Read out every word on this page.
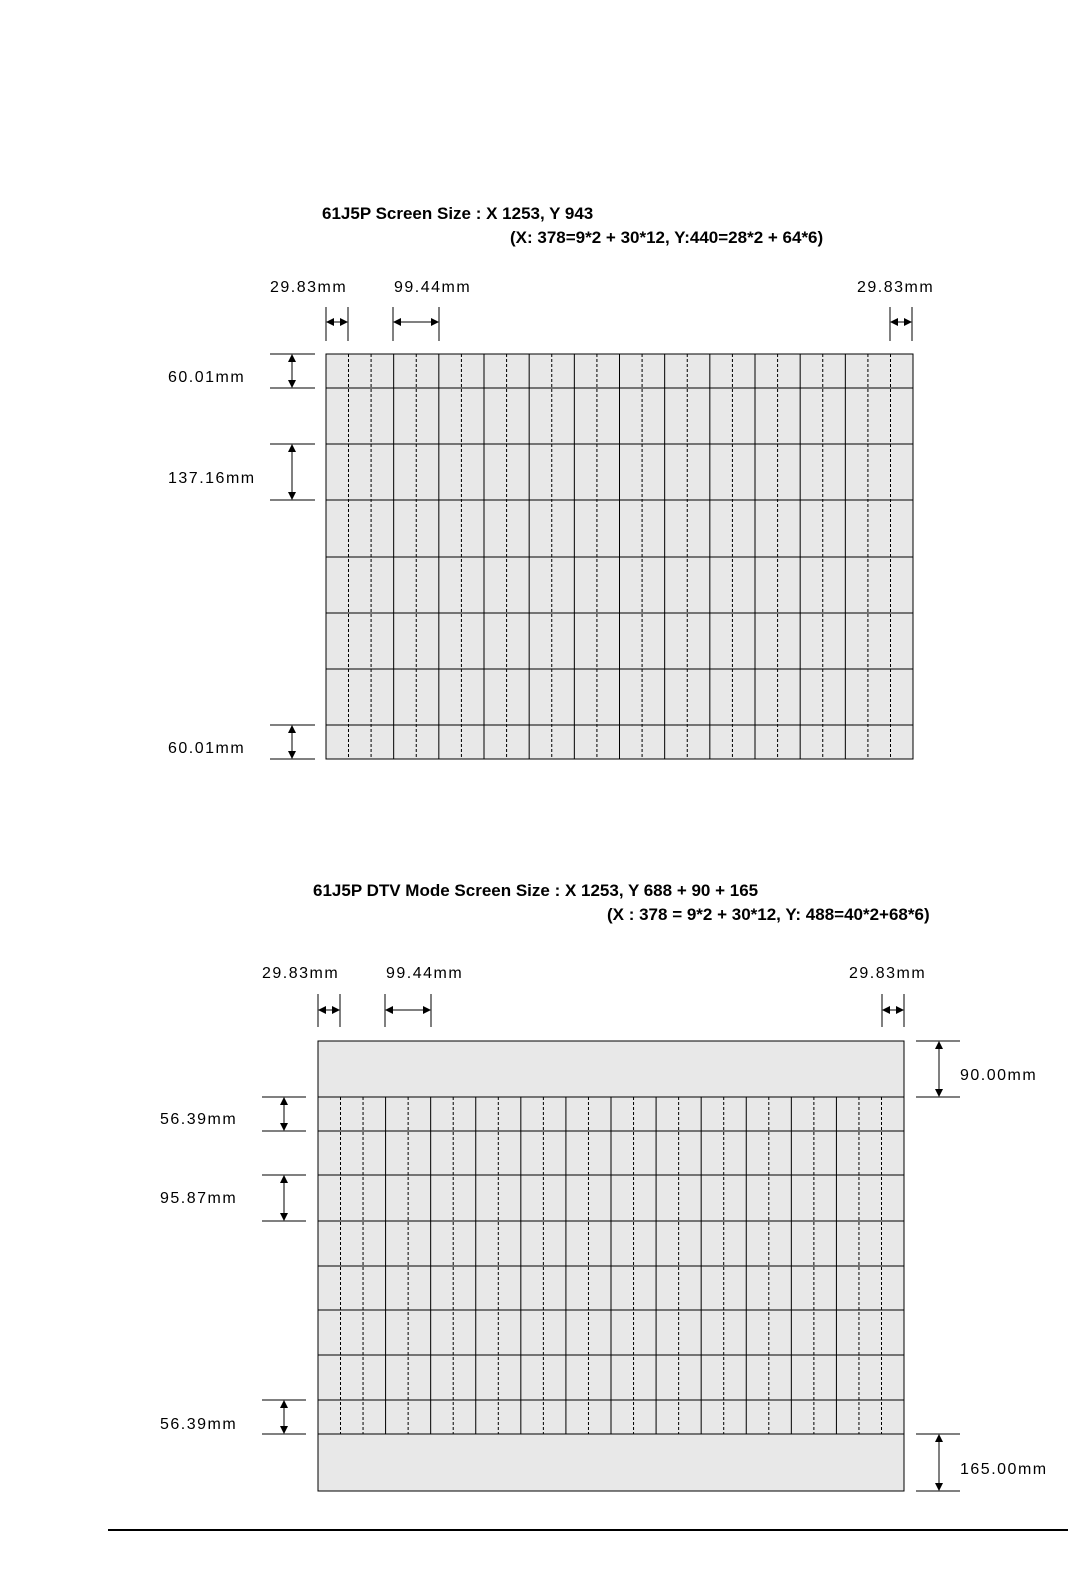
61J5P Screen Size : X 1253, Y 943
(X: 378=9*2 + 30*12, Y:440=28*2 + 64*6)
29.83mm	99.44mm	29.83mm
60.01mm
137.16mm
60.01mm
61J5P DTV Mode Screen Size : X 1253, Y 688 + 90 + 165
(X : 378 = 9*2 + 30*12, Y: 488=40*2+68*6)
29.83mm	99.44mm	29.83mm
56.39mm
95.87mm
56.39mm
90.00mm
165.00mm
